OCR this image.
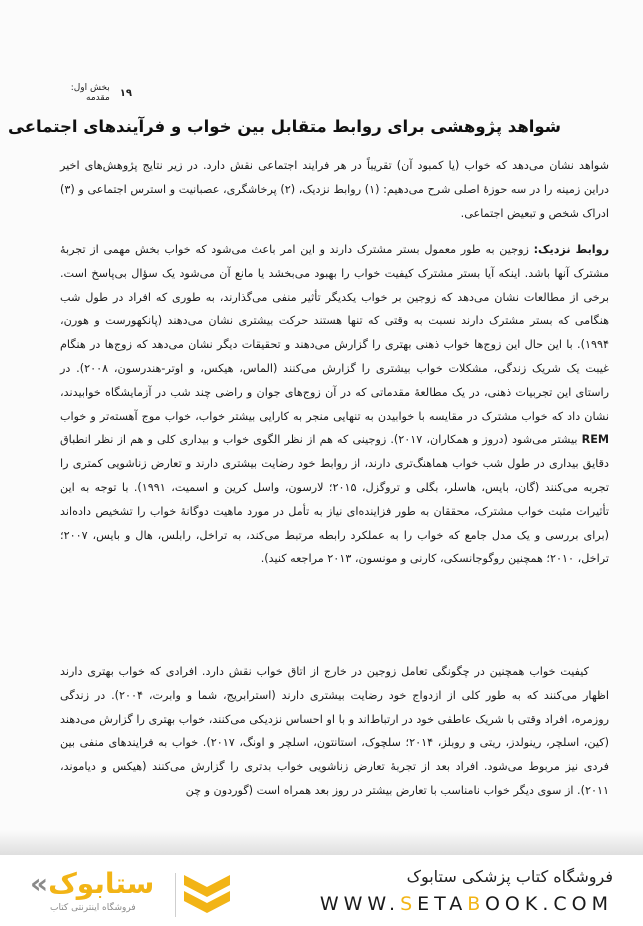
۱۹
بخش اول: مقدمه
شواهد پژوهشی برای روابط متقابل بین خواب و فرآیندهای اجتماعی

شواهد نشان می‌دهد که خواب (یا کمبود آن) تقریباً در هر فرایند اجتماعی نقش دارد. در زیر نتایج پژوهش‌های اخیر دراین زمینه را در سه حوزهٔ اصلی شرح می‌دهیم: (۱) روابط نزدیک، (۲) پرخاشگری، عصبانیت و استرس اجتماعی و (۳) ادراک شخص و تبعیض اجتماعی.

روابط نزدیک: زوجین به طور معمول بستر مشترک دارند و این امر باعث می‌شود که خواب بخش مهمی از تجربهٔ مشترک آنها باشد. اینکه آیا بستر مشترک کیفیت خواب را بهبود می‌بخشد یا مانع آن می‌شود یک سؤال بی‌پاسخ است. برخی از مطالعات نشان می‌دهد که زوجین بر خواب یکدیگر تأثیر منفی می‌گذارند، به طوری که افراد در طول شب هنگامی که بستر مشترک دارند نسبت به وقتی که تنها هستند حرکت بیشتری نشان می‌دهند (پانکهورست و هورن، ۱۹۹۴). با این حال این زوج‌ها خواب ذهنی بهتری را گزارش می‌دهند و تحقیقات دیگر نشان می‌دهد که زوج‌ها در هنگام غیبت یک شریک زندگی، مشکلات خواب بیشتری را گزارش می‌کنند (الماس، هیکس، و اوتر-هندرسون، ۲۰۰۸). در راستای این تجربیات ذهنی، در یک مطالعهٔ مقدماتی که در آن زوج‌های جوان و راضی چند شب در آزمایشگاه خوابیدند، نشان داد که خواب مشترک در مقایسه با خوابیدن به تنهایی منجر به کارایی بیشتر خواب، خواب موج آهسته‌تر و خواب REM بیشتر می‌شود (دروز و همکاران، ۲۰۱۷). زوجینی که هم از نظر الگوی خواب و بیداری کلی و هم از نظر انطباق دقایق بیداری در طول شب خواب هماهنگ‌تری دارند، از روابط خود رضایت بیشتری دارند و تعارض زناشویی کمتری را تجربه می‌کنند (گان، بایس، هاسلر، بگلی و تروگزل، ۲۰۱۵؛ لارسون، واسل کرین و اسمیت، ۱۹۹۱). با توجه به این تأثیرات مثبت خواب مشترک، محققان به طور فزاینده‌ای نیاز به تأمل در مورد ماهیت دوگانهٔ خواب را تشخیص داده‌اند (برای بررسی و یک مدل جامع که خواب را به عملکرد رابطه مرتبط می‌کند، به تراخل، رابلس، هال و بایس، ۲۰۰۷؛ تراخل، ۲۰۱۰؛ همچنین روگوجانسکی، کارنی و مونسون، ۲۰۱۳ مراجعه کنید).

کیفیت خواب همچنین در چگونگی تعامل زوجین در خارج از اتاق خواب نقش دارد. افرادی که خواب بهتری دارند اظهار می‌کنند که به طور کلی از ازدواج خود رضایت بیشتری دارند (استرابریج، شما و وابرت، ۲۰۰۴). در زندگی روزمره، افراد وقتی با شریک عاطفی خود در ارتباط‌اند و با او احساس نزدیکی می‌کنند، خواب بهتری را گزارش می‌دهند (کین، اسلچر، رینولدز، ریتی و روبلز، ۲۰۱۴؛ سلچوک، استانتون، اسلچر و اونگ، ۲۰۱۷). خواب به فرایندهای منفی بین فردی نیز مربوط می‌شود. افراد بعد از تجربهٔ تعارض زناشویی خواب بدتری را گزارش می‌کنند (هیکس و دیاموند، ۲۰۱۱). از سوی دیگر خواب نامناسب با تعارض بیشتر در روز بعد همراه است (گوردون و چن

«ستابوک
فروشگاه اینترنتی کتاب
فروشگاه کتاب پزشکی ستابوک
WWW.SETABOOK.COM
